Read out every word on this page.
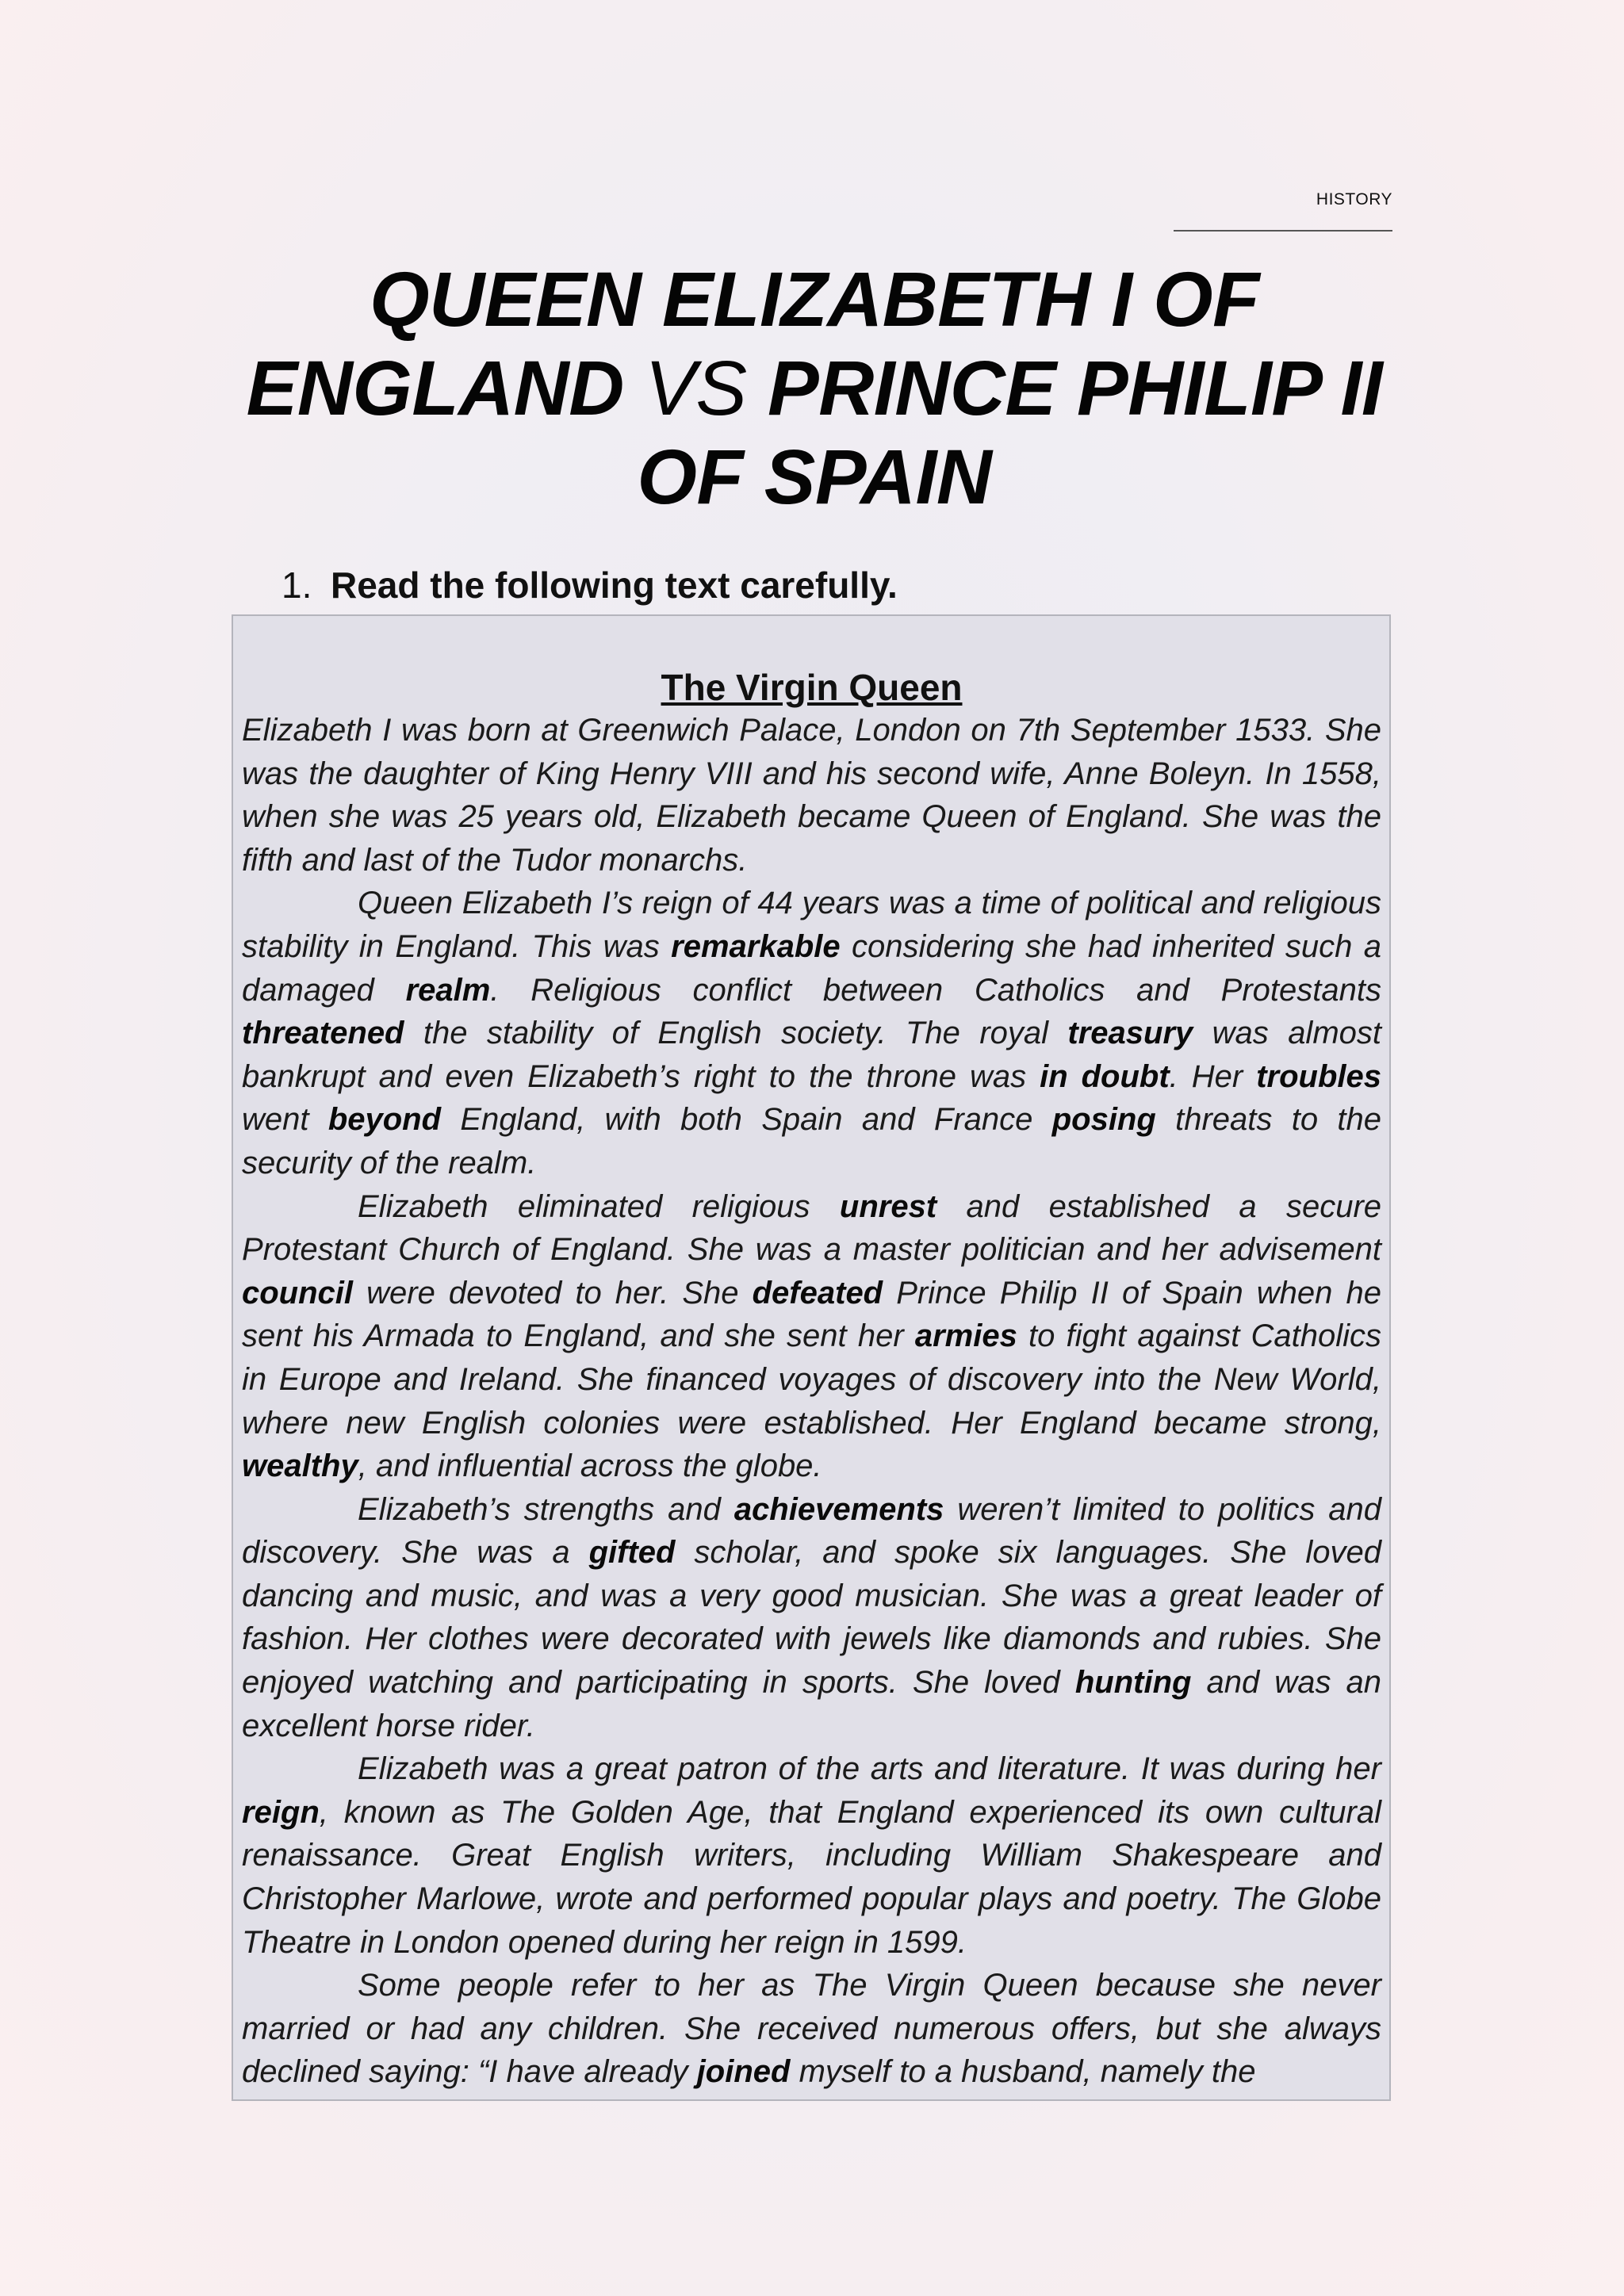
HISTORY
QUEEN ELIZABETH I OF ENGLAND VS PRINCE PHILIP II OF SPAIN
1. Read the following text carefully.
The Virgin Queen

Elizabeth I was born at Greenwich Palace, London on 7th September 1533. She was the daughter of King Henry VIII and his second wife, Anne Boleyn. In 1558, when she was 25 years old, Elizabeth became Queen of England. She was the fifth and last of the Tudor monarchs.

Queen Elizabeth I’s reign of 44 years was a time of political and religious stability in England. This was remarkable considering she had inherited such a damaged realm. Religious conflict between Catholics and Protestants threatened the stability of English society. The royal treasury was almost bankrupt and even Elizabeth’s right to the throne was in doubt. Her troubles went beyond England, with both Spain and France posing threats to the security of the realm.

Elizabeth eliminated religious unrest and established a secure Protestant Church of England. She was a master politician and her advisement council were devoted to her. She defeated Prince Philip II of Spain when he sent his Armada to England, and she sent her armies to fight against Catholics in Europe and Ireland. She financed voyages of discovery into the New World, where new English colonies were established. Her England became strong, wealthy, and influential across the globe.

Elizabeth’s strengths and achievements weren’t limited to politics and discovery. She was a gifted scholar, and spoke six languages. She loved dancing and music, and was a very good musician. She was a great leader of fashion. Her clothes were decorated with jewels like diamonds and rubies. She enjoyed watching and participating in sports. She loved hunting and was an excellent horse rider.

Elizabeth was a great patron of the arts and literature. It was during her reign, known as The Golden Age, that England experienced its own cultural renaissance. Great English writers, including William Shakespeare and Christopher Marlowe, wrote and performed popular plays and poetry. The Globe Theatre in London opened during her reign in 1599.

Some people refer to her as The Virgin Queen because she never married or had any children. She received numerous offers, but she always declined saying: “I have already joined myself to a husband, namely the
